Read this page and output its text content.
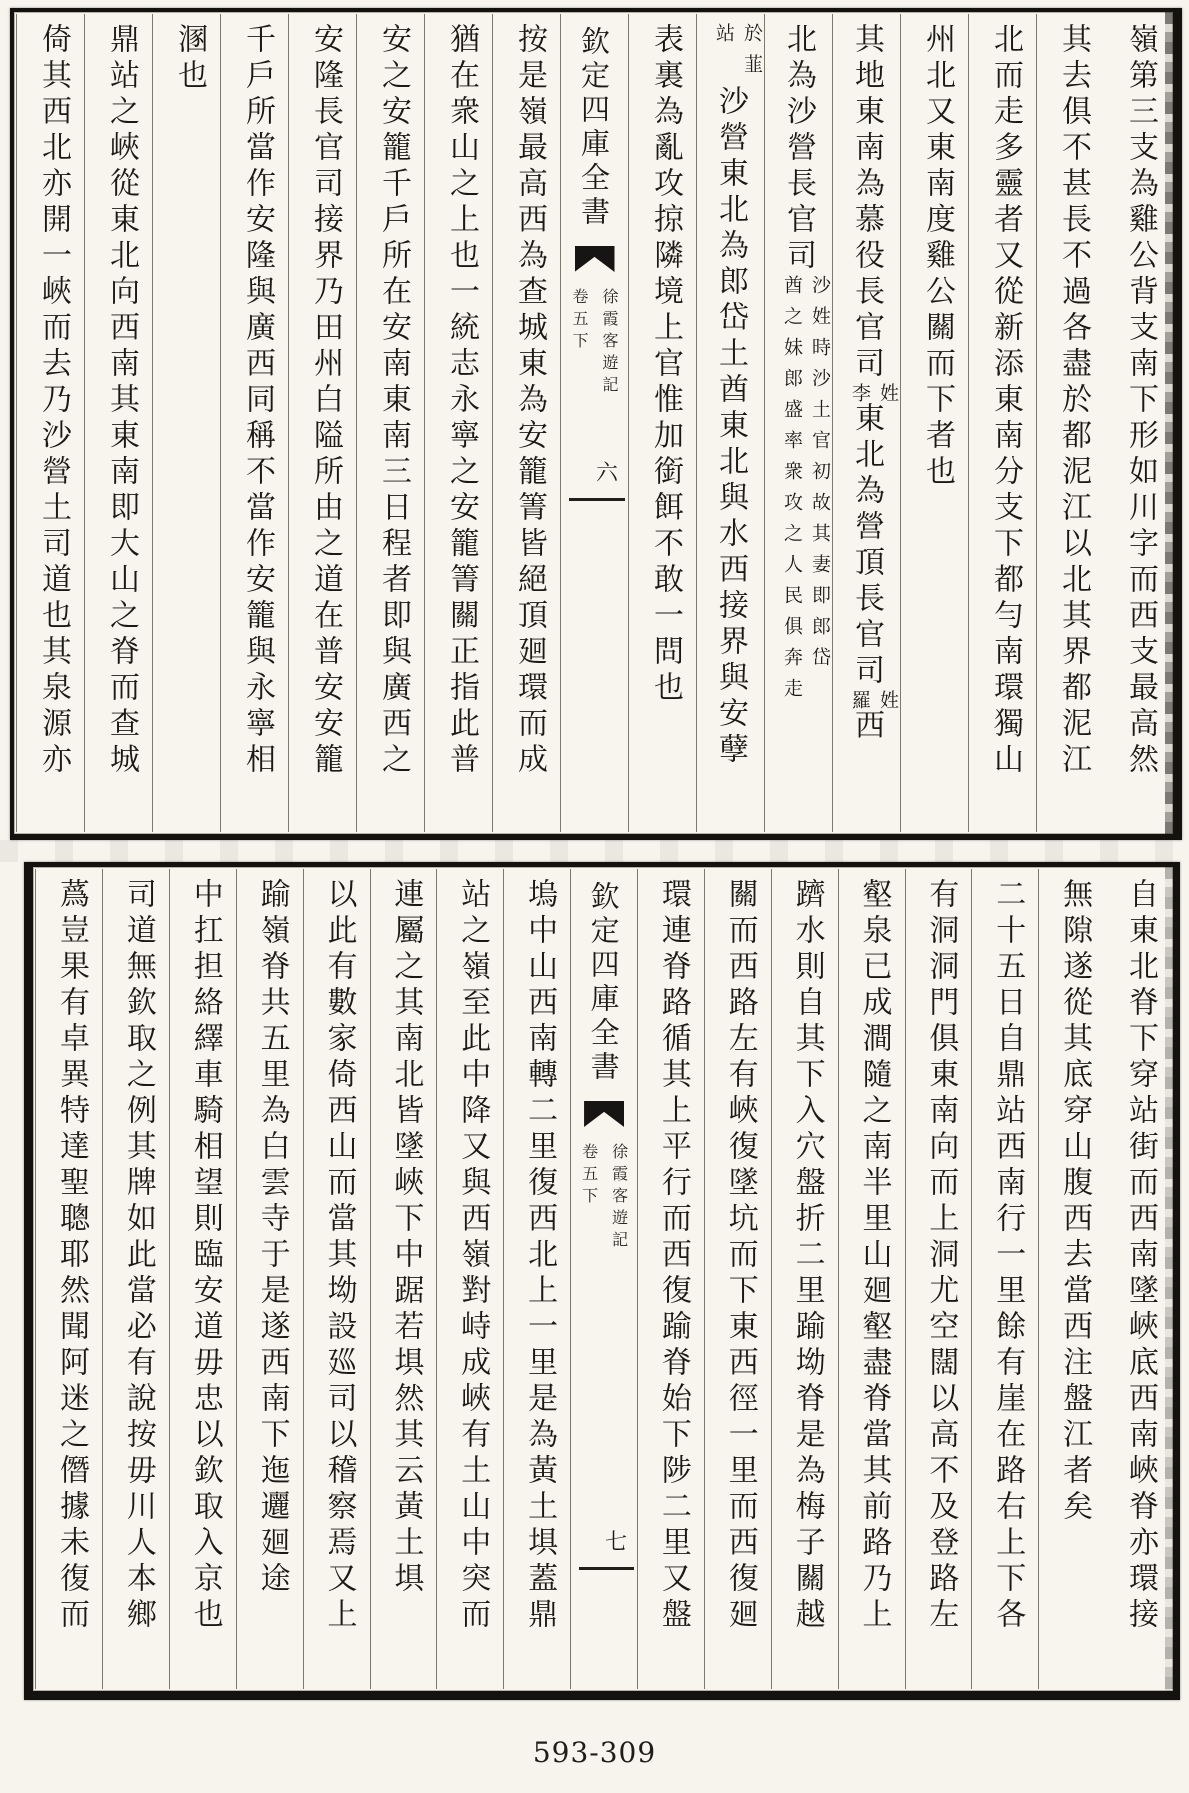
嶺第三支為雞公背支南下形如川字而西支最高然
其去俱不甚長不過各盡於都泥江以北其界都泥江
北而走多靈者又從新添東南分支下都勻南環獨山
州北又東南度雞公關而下者也
其地東南為慕役長官司
姓
李
東北為營頂長官司
姓
羅
西
北為沙營長官司
沙姓時沙土官初故其妻即郎岱
酋之妹郎盛率衆攻之人民俱奔走
於韮
站
沙營東北為郎岱土酋東北與水西接界與安孽
表裏為亂攻掠隣境上官惟加銜餌不敢一問也
欽定四庫全書
徐霞客遊記
卷五下
六
按是嶺最高西為查城東為安籠箐皆絕頂廻環而成
猶在衆山之上也一統志永寧之安籠箐關正指此普
安之安籠千戶所在安南東南三日程者即與廣西之
安隆長官司接界乃田州白隘所由之道在普安安籠
千戶所當作安隆與廣西同稱不當作安籠與永寧相
溷也
鼎站之峽從東北向西南其東南即大山之脊而查城
倚其西北亦開一峽而去乃沙營土司道也其泉源亦
自東北脊下穿站街而西南墜峽底西南峽脊亦環接
無隙遂從其底穿山腹西去當西注盤江者矣
二十五日自鼎站西南行一里餘有崖在路右上下各
有洞洞門俱東南向而上洞尤空闊以高不及登路左
壑泉已成澗隨之南半里山廻壑盡脊當其前路乃上
躋水則自其下入穴盤折二里踰坳脊是為梅子關越
關而西路左有峽復墜坑而下東西徑一里而西復廻
環連脊路循其上平行而西復踰脊始下陟二里又盤
欽定四庫全書
徐霞客遊記
卷五下
七
塢中山西南轉二里復西北上一里是為黃土埧蓋鼎
站之嶺至此中降又與西嶺對峙成峽有土山中突而
連屬之其南北皆墜峽下中踞若埧然其云黃土埧
以此有數家倚西山而當其坳設廵司以稽察焉又上
踰嶺脊共五里為白雲寺于是遂西南下迤邐廻途
中扛担絡繹車騎相望則臨安道毋忠以欽取入京也
司道無欽取之例其牌如此當必有說按毋川人本鄉
蔿豈果有卓異特達聖聰耶然聞阿迷之僭據未復而
593-309
